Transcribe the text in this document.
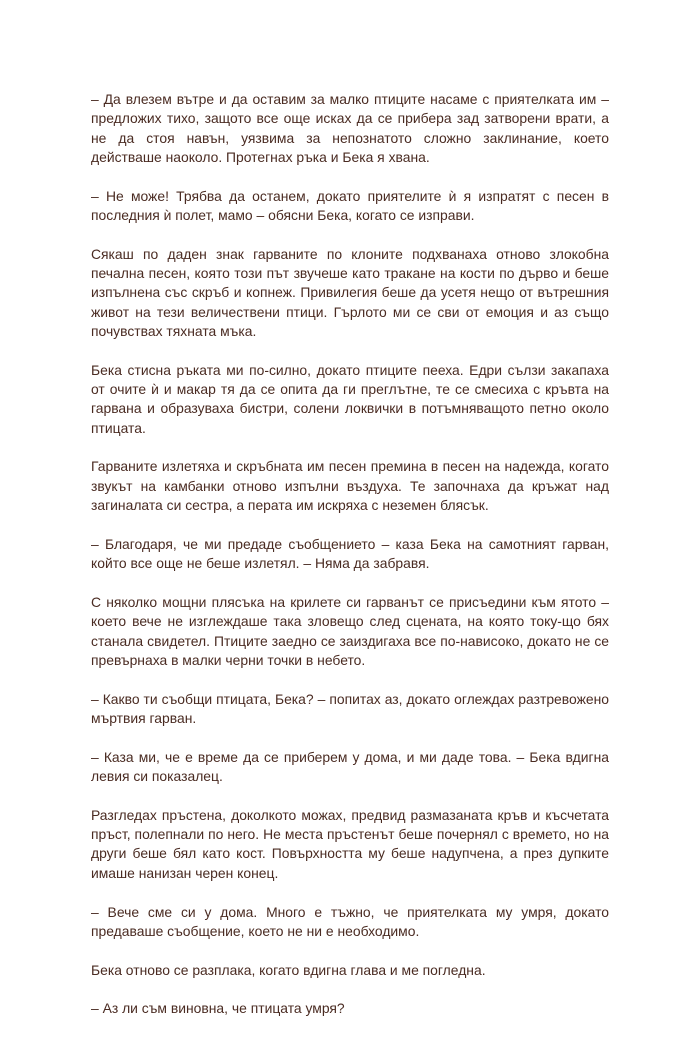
– Да влезем вътре и да оставим за малко птиците насаме с приятелката им – предложих тихо, защото все още исках да се прибера зад затворени врати, а не да стоя навън, уязвима за непознатото сложно заклинание, което действаше наоколо. Протегнах ръка и Бека я хвана.

– Не може! Трябва да останем, докато приятелите ѝ я изпратят с песен в последния ѝ полет, мамо – обясни Бека, когато се изправи.

Сякаш по даден знак гарваните по клоните подхванаха отново злокобна печална песен, която този път звучеше като тракане на кости по дърво и беше изпълнена със скръб и копнеж. Привилегия беше да усетя нещо от вътрешния живот на тези величествени птици. Гърлото ми се сви от емоция и аз също почувствах тяхната мъка.

Бека стисна ръката ми по-силно, докато птиците пееха. Едри сълзи закапаха от очите ѝ и макар тя да се опита да ги преглътне, те се смесиха с кръвта на гарвана и образуваха бистри, солени локвички в потъмняващото петно около птицата.

Гарваните излетяха и скръбната им песен премина в песен на надежда, когато звукът на камбанки отново изпълни въздуха. Те започнаха да кръжат над загиналата си сестра, а перата им искряха с неземен блясък.

– Благодаря, че ми предаде съобщението – каза Бека на самотният гарван, който все още не беше излетял. – Няма да забравя.

С няколко мощни плясъка на крилете си гарванът се присъедини към ятото – което вече не изглеждаше така зловещо след сцената, на която току-що бях станала свидетел. Птиците заедно се заиздигаха все по-нависоко, докато не се превърнаха в малки черни точки в небето.

– Какво ти съобщи птицата, Бека? – попитах аз, докато оглеждах разтревожено мъртвия гарван.

– Каза ми, че е време да се приберем у дома, и ми даде това. – Бека вдигна левия си показалец.

Разгледах пръстена, доколкото можах, предвид размазаната кръв и късчетата пръст, полепнали по него. Не места пръстенът беше почернял с времето, но на други беше бял като кост. Повърхността му беше надупчена, а през дупките имаше нанизан черен конец.

– Вече сме си у дома. Много е тъжно, че приятелката му умря, докато предаваше съобщение, което не ни е необходимо.

Бека отново се разплака, когато вдигна глава и ме погледна.

– Аз ли съм виновна, че птицата умря?
